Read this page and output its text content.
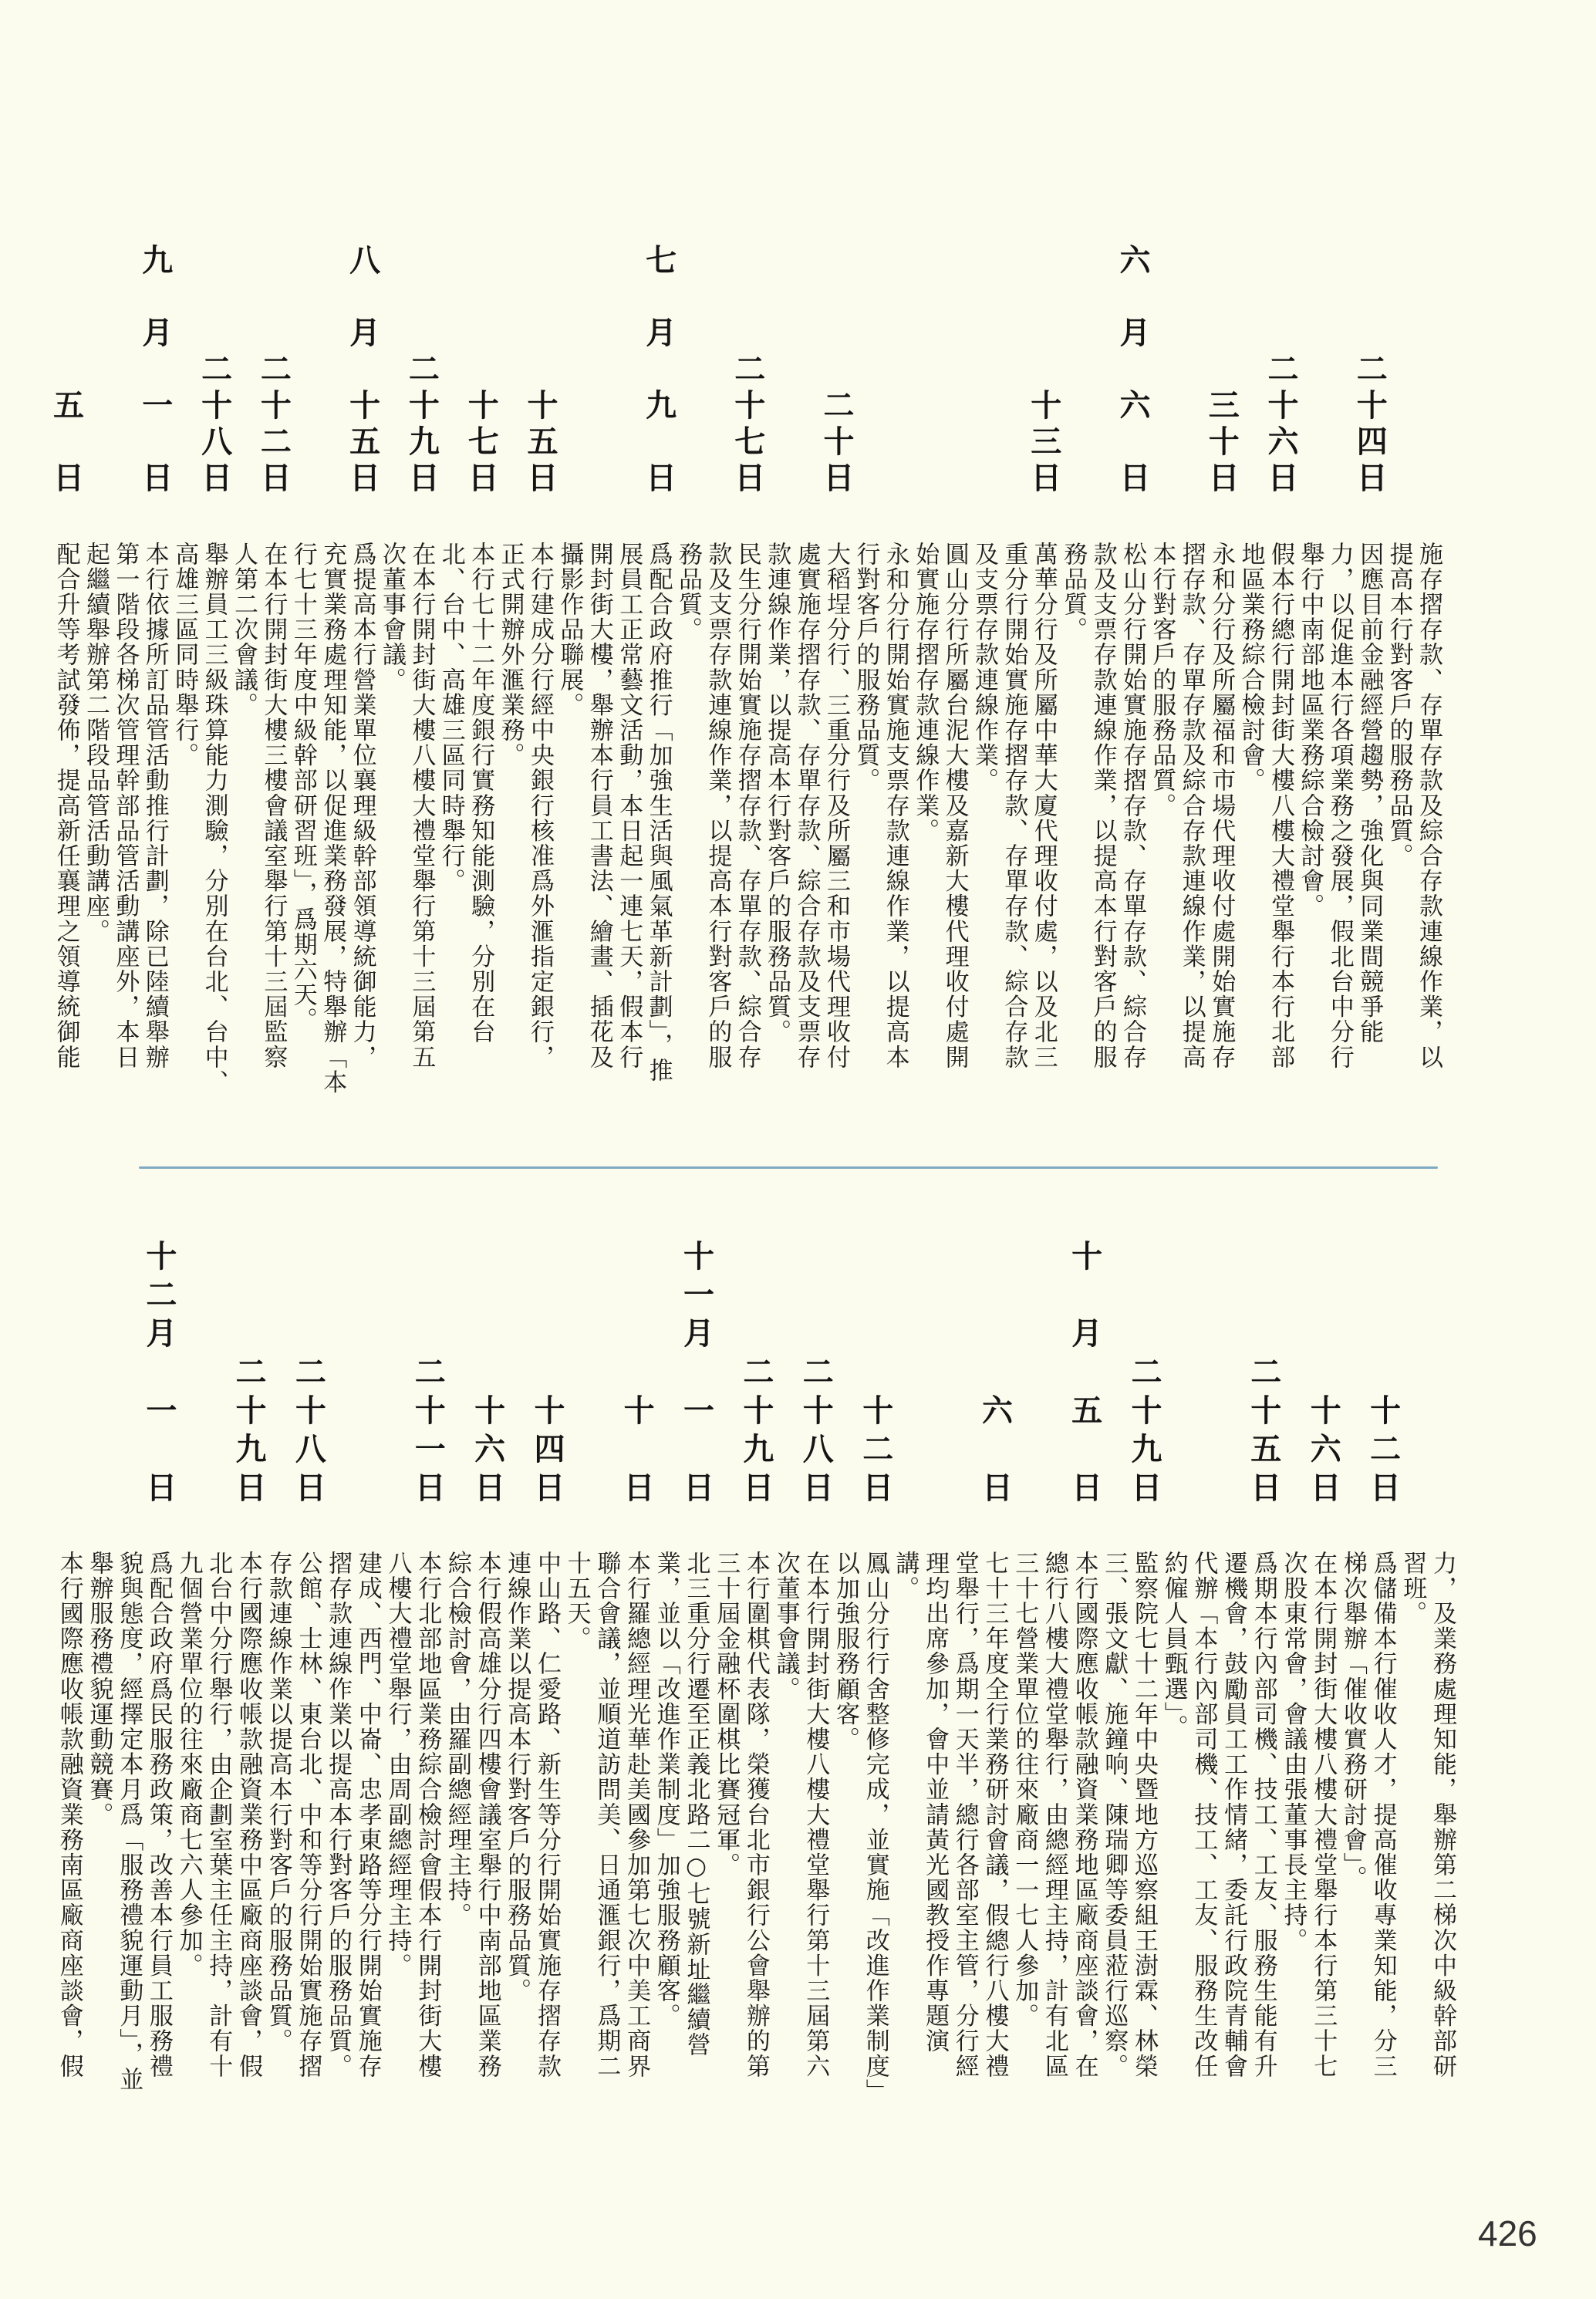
施存摺存款、存單存款及綜合存款連線作業，以
提高本行對客戶的服務品質。
二十四日
因應目前金融經營趨勢，強化與同業間競爭能
力，以促進本行各項業務之發展，假北台中分行
舉行中南部地區業務綜合檢討會。
二十六日
假本行總行開封街大樓八樓大禮堂舉行本行北部
地區業務綜合檢討會。
三十日
永和分行及所屬福和市場代理收付處開始實施存
摺存款、存單存款及綜合存款連線作業，以提高
本行對客戶的服務品質。
六月
六日
松山分行開始實施存摺存款、存單存款、綜合存
款及支票存款連線作業，以提高本行對客戶的服
務品質。
十三日
萬華分行及所屬中華大廈代理收付處，以及北三
重分行開始實施存摺存款、存單存款、綜合存款
及支票存款連線作業。
圓山分行所屬台泥大樓及嘉新大樓代理收付處開
始實施存摺存款連線作業。
永和分行開始實施支票存款連線作業，以提高本
行對客戶的服務品質。
二十日
大稻埕分行、三重分行及所屬三和市場代理收付
處實施存摺存款、存單存款、綜合存款及支票存
款連線作業，以提高本行對客戶的服務品質。
二十七日
民生分行開始實施存摺存款、存單存款、綜合存
款及支票存款連線作業，以提高本行對客戶的服
務品質。
七月
九日
爲配合政府推行「加強生活與風氣革新計劃」，推
展員工正常藝文活動，本日起一連七天，假本行
開封街大樓，舉辦本行員工書法、繪畫、插花及
攝影作品聯展。
十五日
本行建成分行經中央銀行核准爲外滙指定銀行，
正式開辦外滙業務。
十七日
本行七十二年度銀行實務知能測驗，分別在台
北、台中、高雄三區同時舉行。
二十九日
在本行開封街大樓八樓大禮堂舉行第十三屆第五
次董事會議。
八月
十五日
爲提高本行營業單位襄理級幹部領導統御能力，
充實業務處理知能，以促進業務發展，特舉辦「本
行七十三年度中級幹部研習班」，爲期六天。
二十二日
在本行開封街大樓三樓會議室舉行第十三屆監察
人第二次會議。
二十八日
舉辦員工三級珠算能力測驗，分別在台北、台中、
高雄三區同時舉行。
九月
一日
本行依據所訂品管活動推行計劃，除已陸續舉辦
第一階段各梯次管理幹部品管活動講座外，本日
起繼續舉辦第二階段品管活動講座。
五日
配合升等考試發佈，提高新任襄理之領導統御能
力，及業務處理知能，舉辦第二梯次中級幹部研
習班。
十二日
爲儲備本行催收人才，提高催收專業知能，分三
梯次舉辦「催收實務研討會」。
十六日
在本行開封街大樓八樓大禮堂舉行本行第三十七
次股東常會，會議由張董事長主持。
二十五日
爲期本行內部司機、技工、工友、服務生能有升
遷機會，鼓勵員工工作情緒，委託行政院青輔會
代辦「本行內部司機、技工、工友、服務生改任
約僱人員甄選」。
二十九日
監察院七十二年中央暨地方巡察組王澍霖、林榮
三、張文獻、施鐘响、陳瑞卿等委員蒞行巡察。
十月
五日
本行國際應收帳款融資業務地區廠商座談會，在
總行八樓大禮堂舉行，由總經理主持，計有北區
三十七營業單位的往來廠商一一七人參加。
六日
七十三年度全行業務研討會議，假總行八樓大禮
堂舉行，爲期一天半，總行各部室主管，分行經
理均出席參加，會中並請黃光國教授作專題演
講。
十二日
鳳山分行行舍整修完成，並實施「改進作業制度」
以加強服務顧客。
二十八日
在本行開封街大樓八樓大禮堂舉行第十三屆第六
次董事會議。
二十九日
本行圍棋代表隊，榮獲台北市銀行公會舉辦的第
三十屆金融杯圍棋比賽冠軍。
十一月
一日
北三重分行遷至正義北路二○七號新址繼續營
業，並以「改進作業制度」加強服務顧客。
十日
本行羅總經理光華赴美國參加第七次中美工商界
聯合會議，並順道訪問美、日通滙銀行，爲期二
十五天。
十四日
中山路、仁愛路、新生等分行開始實施存摺存款
連線作業以提高本行對客戶的服務品質。
十六日
本行假高雄分行四樓會議室舉行中南部地區業務
綜合檢討會，由羅副總經理主持。
二十一日
本行北部地區業務綜合檢討會假本行開封街大樓
八樓大禮堂舉行，由周副總經理主持。
建成、西門、中崙、忠孝東路等分行開始實施存
摺存款連線作業以提高本行對客戶的服務品質。
二十八日
公館、士林、東台北、中和等分行開始實施存摺
存款連線作業以提高本行對客戶的服務品質。
二十九日
本行國際應收帳款融資業務中區廠商座談會，假
北台中分行舉行，由企劃室葉主任主持，計有十
九個營業單位的往來廠商七六人參加。
十二月
一日
爲配合政府爲民服務政策，改善本行員工服務禮
貌與態度，經擇定本月爲「服務禮貌運動月」，並
舉辦服務禮貌運動競賽。
本行國際應收帳款融資業務南區廠商座談會，假
426
